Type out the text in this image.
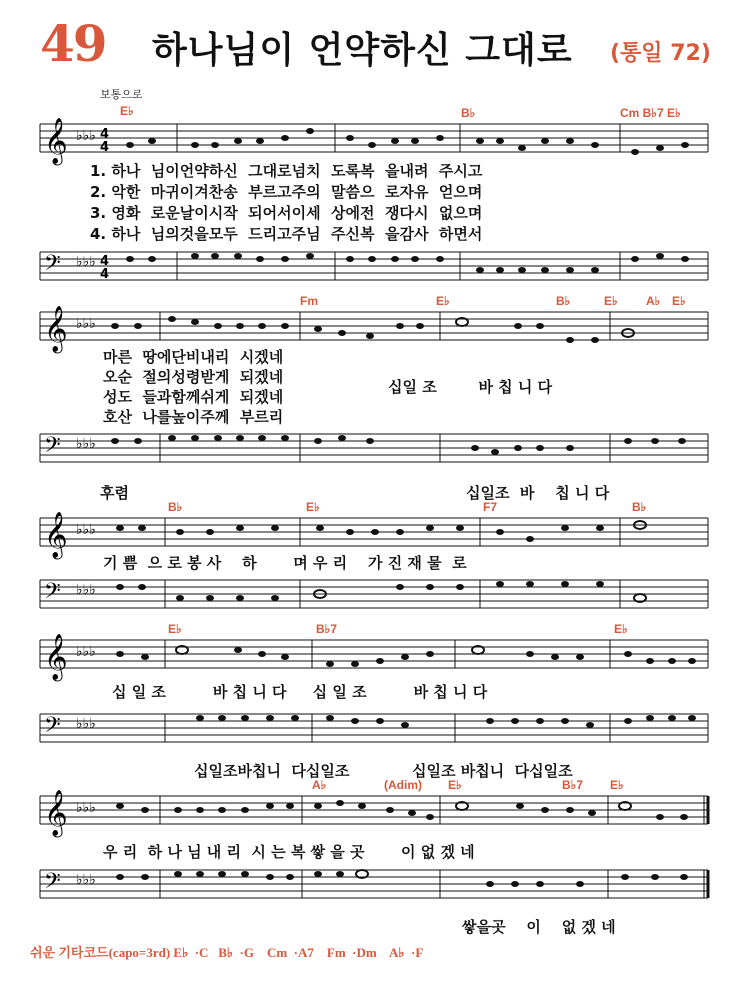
49 하나님이 언약하신 그대로 (통일 72)
보통으로
E♭	B♭	Cm B♭7 E♭
𝄞 ♭♭♭ 4
4
1. 하나  님이언약하신  그대로넘치  도록복  을내려  주시고
2. 악한  마귀이겨찬송  부르고주의  말씀으  로자유  얻으며
3. 영화  로운날이시작  되어서이세  상에전  쟁다시  없으며
4. 하나  님의것을모두  드리고주님  주신복  을감사  하면서
𝄢 ♭♭♭ 4
4
Fm	E♭	B♭	E♭ A♭ E♭
𝄞 ♭♭♭
마른  땅에단비내리  시겠네
오순  절의성령받게  되겠네
성도  들과함께쉬게  되겠네
호산  나를높이주께  부르리
십일 조        바 칩 니 다
𝄢 ♭♭♭
후렴	십일조  바    칩 니 다
B♭	E♭	F7	B♭
𝄞 ♭♭♭
기 쁨  으 로 봉 사    하       며 우 리    가 진 재 물  로
𝄢 ♭♭♭
E♭	B♭7	E♭
𝄞 ♭♭♭
십 일 조         바 칩 니 다     십 일 조         바 칩 니 다
𝄢 ♭♭♭
십일조바칩니  다십일조            십일조 바칩니  다십일조
A♭	(Adim) E♭	B♭7 E♭
𝄞 ♭♭♭
우 리  하 나 님 내 리  시 는 복 쌓 을 곳       이 없 겠 네
𝄢 ♭♭♭
쌓을곳    이    없 겠 네
쉬운 기타코드(capo=3rd) E♭  ·C   B♭  ·G    Cm  ·A7    Fm  ·Dm    A♭  ·F
